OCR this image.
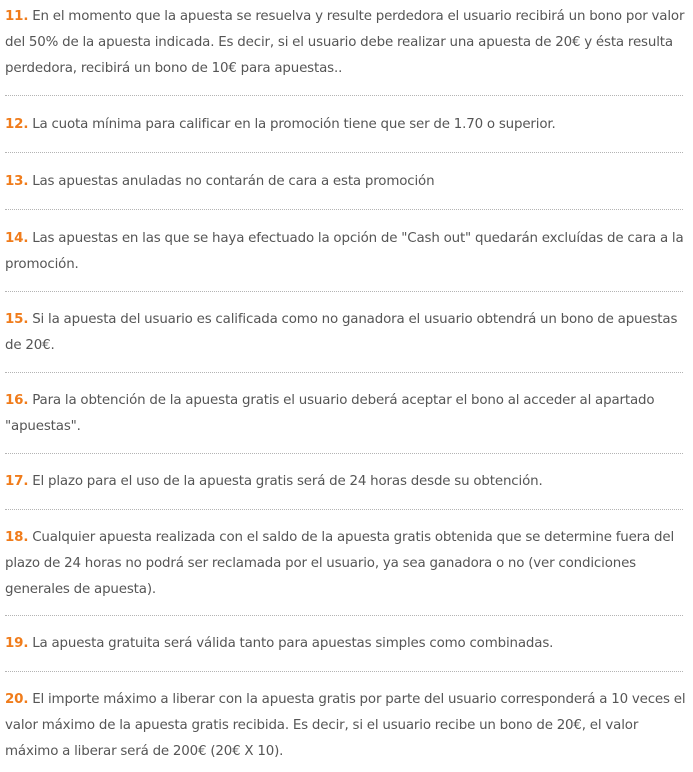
11. En el momento que la apuesta se resuelva y resulte perdedora el usuario recibirá un bono por valor del 50% de la apuesta indicada. Es decir, si el usuario debe realizar una apuesta de 20€ y ésta resulta perdedora, recibirá un bono de 10€ para apuestas..

12. La cuota mínima para calificar en la promoción tiene que ser de 1.70 o superior.

13. Las apuestas anuladas no contarán de cara a esta promoción

14. Las apuestas en las que se haya efectuado la opción de "Cash out" quedarán excluídas de cara a la promoción.

15. Si la apuesta del usuario es calificada como no ganadora el usuario obtendrá un bono de apuestas de 20€.

16. Para la obtención de la apuesta gratis el usuario deberá aceptar el bono al acceder al apartado "apuestas".

17. El plazo para el uso de la apuesta gratis será de 24 horas desde su obtención.

18. Cualquier apuesta realizada con el saldo de la apuesta gratis obtenida que se determine fuera del plazo de 24 horas no podrá ser reclamada por el usuario, ya sea ganadora o no (ver condiciones generales de apuesta).

19. La apuesta gratuita será válida tanto para apuestas simples como combinadas.

20. El importe máximo a liberar con la apuesta gratis por parte del usuario corresponderá a 10 veces el valor máximo de la apuesta gratis recibida. Es decir, si el usuario recibe un bono de 20€, el valor máximo a liberar será de 200€ (20€ X 10).
